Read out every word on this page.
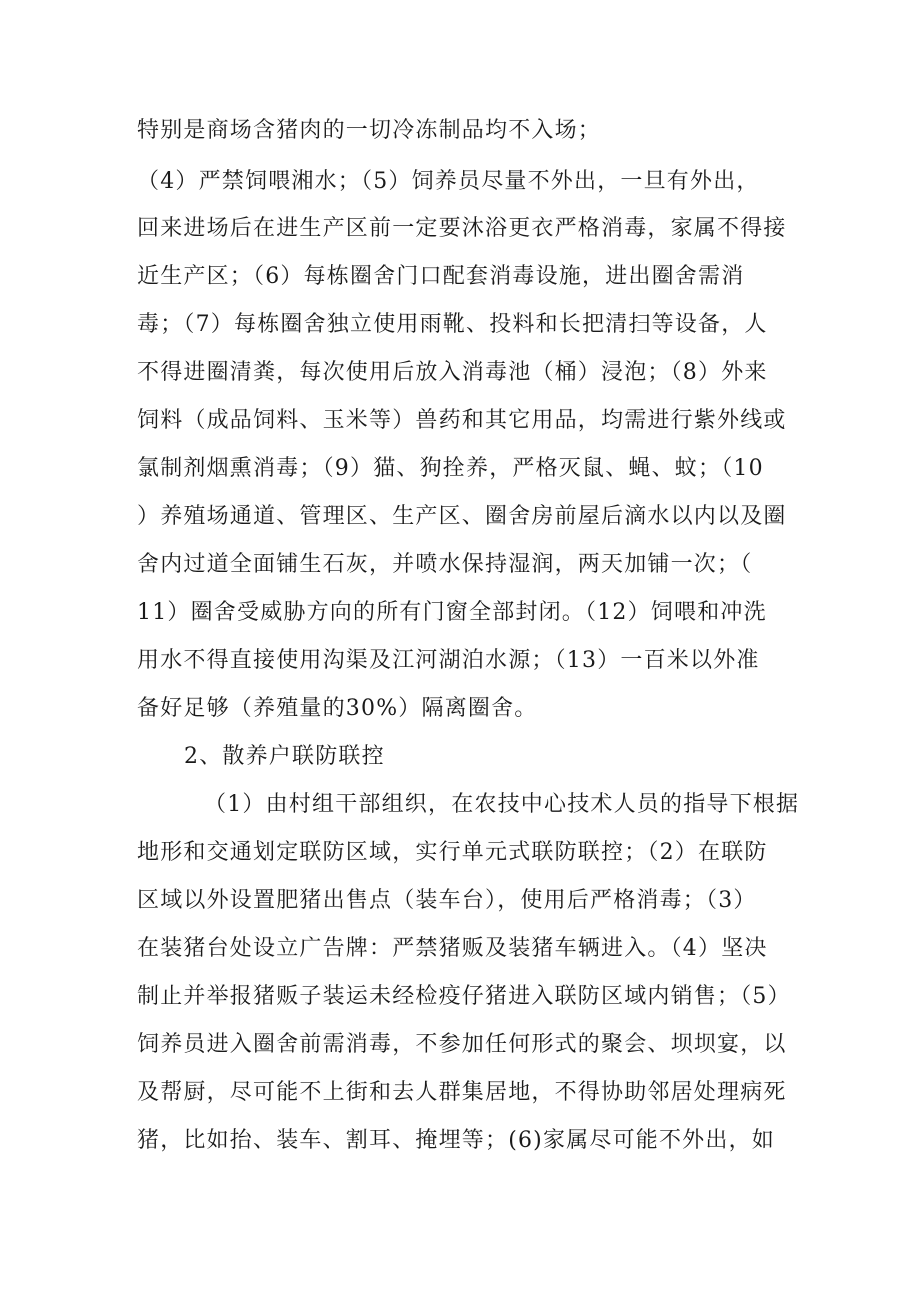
特别是商场含猪肉的一切冷冻制品均不入场；
（4）严禁饲喂湘水；（5）饲养员尽量不外出，一旦有外出，
回来进场后在进生产区前一定要沐浴更衣严格消毒，家属不得接
近生产区；（6）每栋圈舍门口配套消毒设施，进出圈舍需消
毒；（7）每栋圈舍独立使用雨靴、投料和长把清扫等设备，人
不得进圈清粪，每次使用后放入消毒池（桶）浸泡；（8）外来
饲料（成品饲料、玉米等）兽药和其它用品，均需进行紫外线或
氯制剂烟熏消毒；（9）猫、狗拴养，严格灭鼠、蝇、蚊；（10
）养殖场通道、管理区、生产区、圈舍房前屋后滴水以内以及圈
舍内过道全面铺生石灰，并喷水保持湿润，两天加铺一次；（
11）圈舍受威胁方向的所有门窗全部封闭。（12）饲喂和冲洗
用水不得直接使用沟渠及江河湖泊水源；（13）一百米以外准
备好足够（养殖量的30%）隔离圈舍。
2、散养户联防联控
（1）由村组干部组织，在农技中心技术人员的指导下根据
地形和交通划定联防区域，实行单元式联防联控；（2）在联防
区域以外设置肥猪出售点（装车台），使用后严格消毒；（3）
在装猪台处设立广告牌：严禁猪贩及装猪车辆进入。（4）坚决
制止并举报猪贩子装运未经检疫仔猪进入联防区域内销售；（5）
饲养员进入圈舍前需消毒，不参加任何形式的聚会、坝坝宴，以
及帮厨，尽可能不上街和去人群集居地，不得协助邻居处理病死
猪，比如抬、装车、割耳、掩埋等；(6)家属尽可能不外出，如
